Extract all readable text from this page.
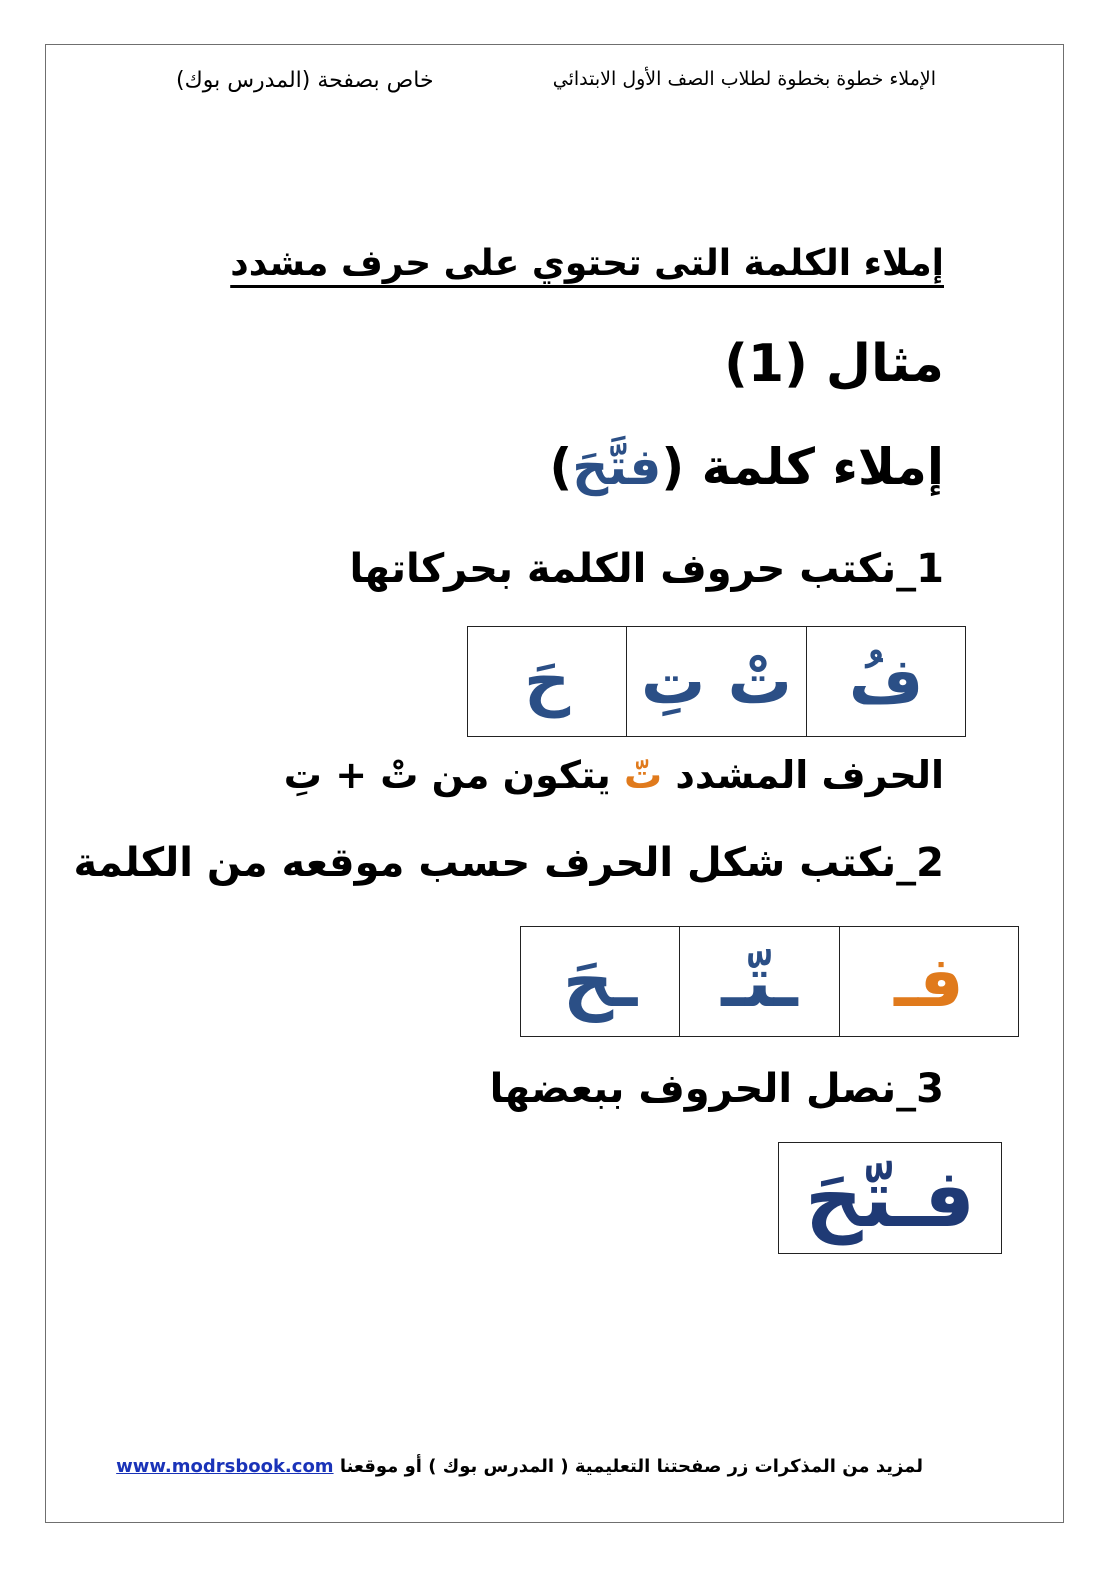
الإملاء خطوة بخطوة لطلاب الصف الأول الابتدائي
خاص بصفحة (المدرس بوك)
إملاء الكلمة التى تحتوي على حرف مشدد
مثال (1)
إملاء كلمة (فتَّحَ)
1_نكتب حروف الكلمة بحركاتها
فُ	تْ تِ	حَ
الحرف المشدد تّ يتكون من تْ + تِ
2_نكتب شكل الحرف حسب موقعه من الكلمة
فـ	ـتّـ	ـحَ
3_نصل الحروف ببعضها
فـتّحَ
لمزيد من المذكرات زر صفحتنا التعليمية ( المدرس بوك ) أو موقعنا www.modrsbook.com
